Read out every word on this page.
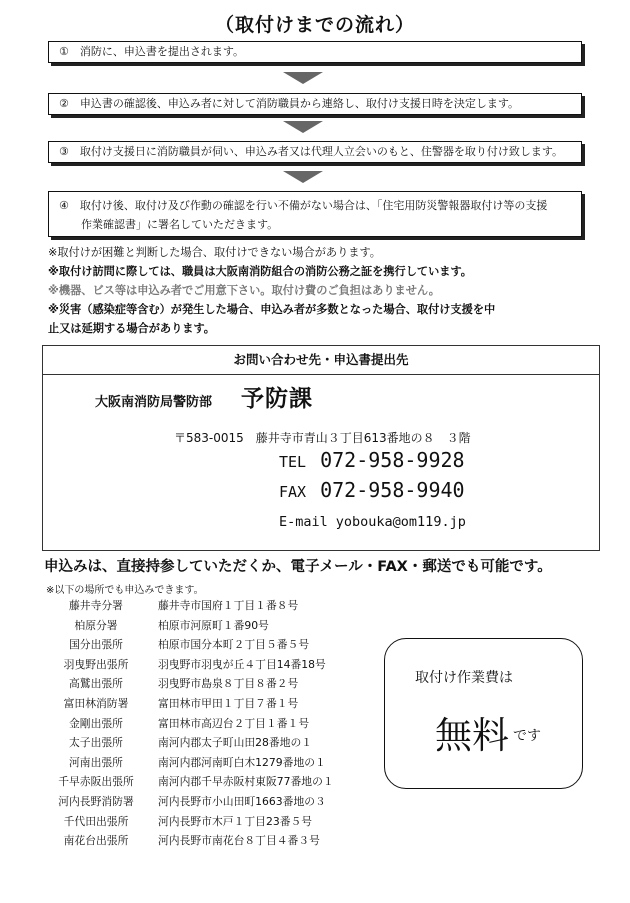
（取付けまでの流れ）
①　消防に、申込書を提出されます。
②　申込書の確認後、申込み者に対して消防職員から連絡し、取付け支援日時を決定します。
③　取付け支援日に消防職員が伺い、申込み者又は代理人立会いのもと、住警器を取り付け致します。
④　取付け後、取付け及び作動の確認を行い不備がない場合は、「住宅用防災警報器取付け等の支援
　　作業確認書」に署名していただきます。
※取付けが困難と判断した場合、取付けできない場合があります。
※取付け訪問に際しては、職員は大阪南消防組合の消防公務之証を携行しています。
※機器、ビス等は申込み者でご用意下さい。取付け費のご負担はありません。
※災害（感染症等含む）が発生した場合、申込み者が多数となった場合、取付け支援を中
止又は延期する場合があります。
お問い合わせ先・申込書提出先
大阪南消防局警防部 予防課
〒583-0015　藤井寺市青山３丁目613番地の８　３階
TEL 072-958-9928
FAX 072-958-9940
E-mail yobouka@om119.jp
申込みは、直接持参していただくか、電子メール・FAX・郵送でも可能です。
※以下の場所でも申込みできます。
藤井寺分署	藤井寺市国府１丁目１番８号
柏原分署	柏原市河原町１番90号
国分出張所	柏原市国分本町２丁目５番５号
羽曳野出張所	羽曳野市羽曳が丘４丁目14番18号
高鷲出張所	羽曳野市島泉８丁目８番２号
富田林消防署	富田林市甲田１丁目７番１号
金剛出張所	富田林市高辺台２丁目１番１号
太子出張所	南河内郡太子町山田28番地の１
河南出張所	南河内郡河南町白木1279番地の１
千早赤阪出張所	南河内郡千早赤阪村東阪77番地の１
河内長野消防署	河内長野市小山田町1663番地の３
千代田出張所	河内長野市木戸１丁目23番５号
南花台出張所	河内長野市南花台８丁目４番３号
取付け作業費は
無料 です
